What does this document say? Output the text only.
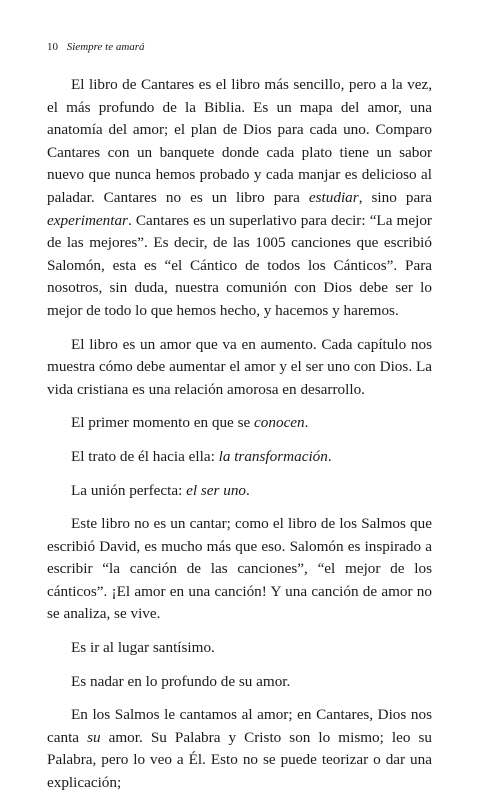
10 Siempre te amará

El libro de Cantares es el libro más sencillo, pero a la vez, el más profundo de la Biblia. Es un mapa del amor, una anatomía del amor; el plan de Dios para cada uno. Comparo Cantares con un banquete donde cada plato tiene un sabor nuevo que nunca hemos probado y cada manjar es delicioso al paladar. Cantares no es un libro para estudiar, sino para experimentar. Cantares es un superlativo para decir: “La mejor de las mejores”. Es decir, de las 1005 canciones que escribió Salomón, esta es “el Cántico de todos los Cánticos”. Para nosotros, sin duda, nuestra comunión con Dios debe ser lo mejor de todo lo que hemos hecho, y hacemos y haremos.

El libro es un amor que va en aumento. Cada capítulo nos muestra cómo debe aumentar el amor y el ser uno con Dios. La vida cristiana es una relación amorosa en desarrollo.

El primer momento en que se conocen.

El trato de él hacia ella: la transformación.

La unión perfecta: el ser uno.

Este libro no es un cantar; como el libro de los Salmos que escribió David, es mucho más que eso. Salomón es inspirado a escribir “la canción de las canciones”, “el mejor de los cánticos”. ¡El amor en una canción! Y una canción de amor no se analiza, se vive.

Es ir al lugar santísimo.

Es nadar en lo profundo de su amor.

En los Salmos le cantamos al amor; en Cantares, Dios nos canta su amor. Su Palabra y Cristo son lo mismo; leo su Palabra, pero lo veo a Él. Esto no se puede teorizar o dar una explicación;
